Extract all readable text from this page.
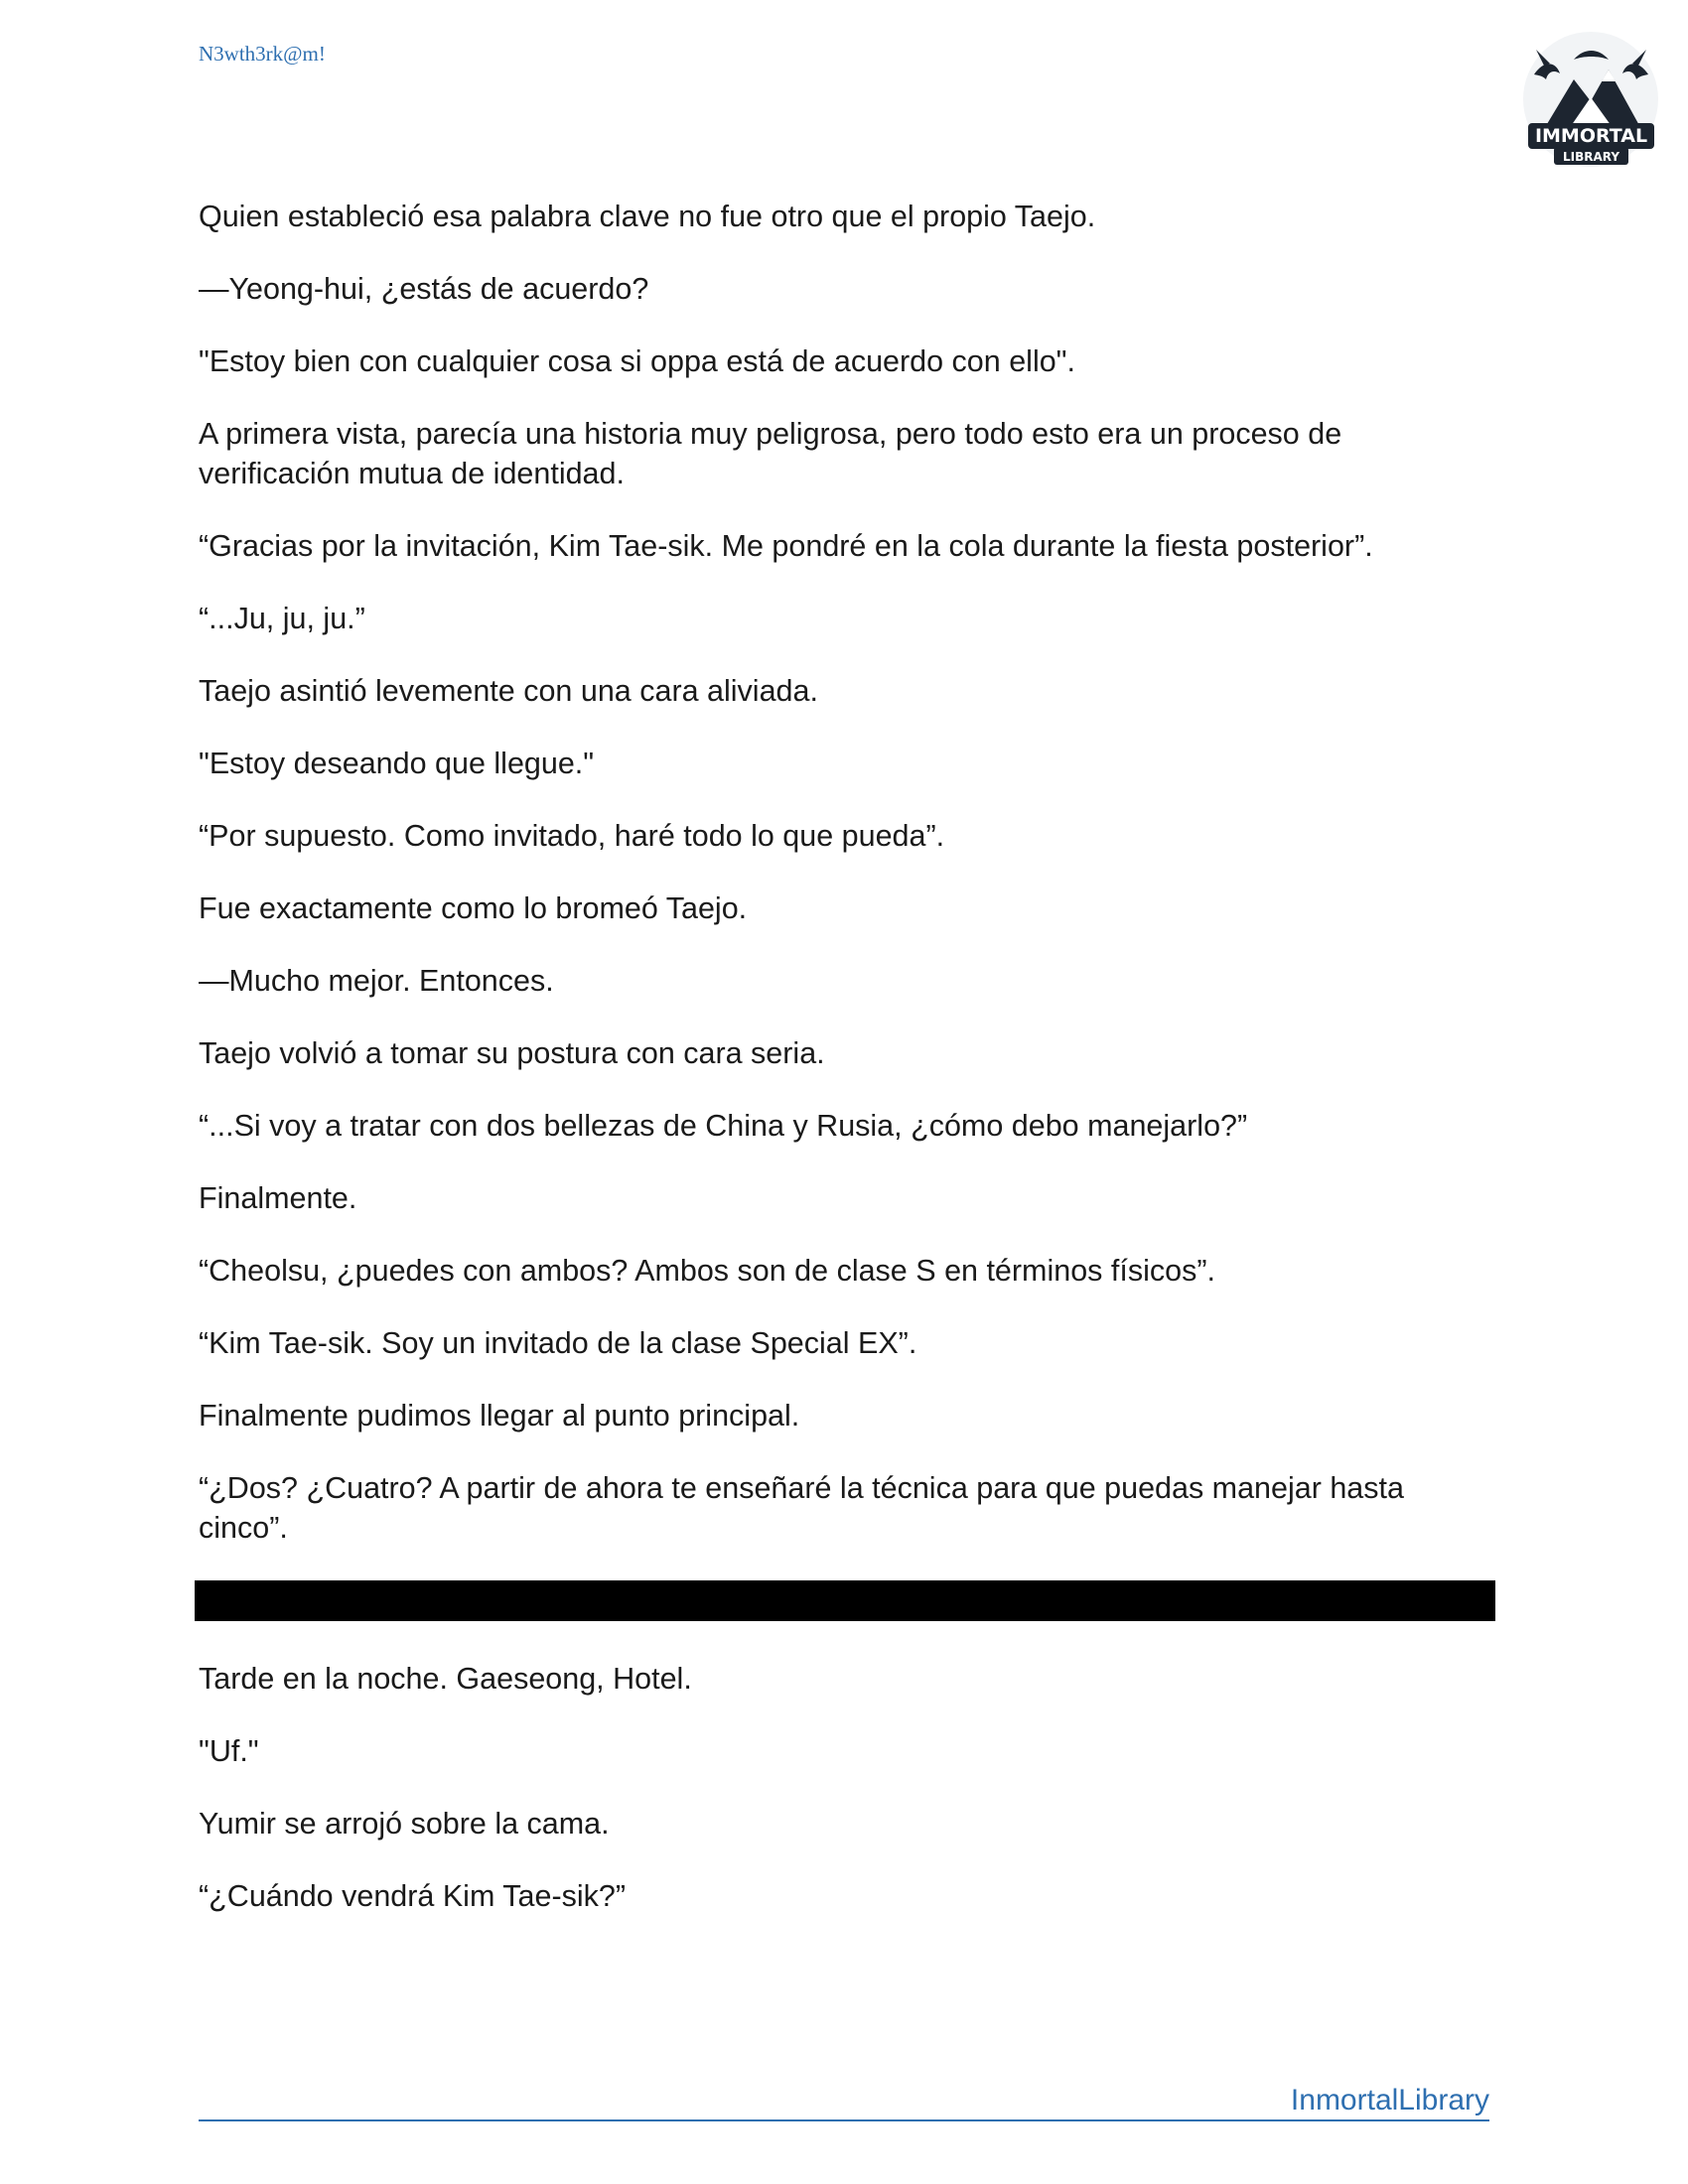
N3wth3rk@m!
IMMORTAL
LIBRARY

Quien estableció esa palabra clave no fue otro que el propio Taejo.

—Yeong-hui, ¿estás de acuerdo?

"Estoy bien con cualquier cosa si oppa está de acuerdo con ello".

A primera vista, parecía una historia muy peligrosa, pero todo esto era un proceso de verificación mutua de identidad.

“Gracias por la invitación, Kim Tae-sik. Me pondré en la cola durante la fiesta posterior”.

“...Ju, ju, ju.”

Taejo asintió levemente con una cara aliviada.

"Estoy deseando que llegue."

“Por supuesto. Como invitado, haré todo lo que pueda”.

Fue exactamente como lo bromeó Taejo.

—Mucho mejor. Entonces.

Taejo volvió a tomar su postura con cara seria.

“...Si voy a tratar con dos bellezas de China y Rusia, ¿cómo debo manejarlo?”

Finalmente.

“Cheolsu, ¿puedes con ambos? Ambos son de clase S en términos físicos”.

“Kim Tae-sik. Soy un invitado de la clase Special EX”.

Finalmente pudimos llegar al punto principal.

“¿Dos? ¿Cuatro? A partir de ahora te enseñaré la técnica para que puedas manejar hasta cinco”.

Tarde en la noche. Gaeseong, Hotel.

"Uf."

Yumir se arrojó sobre la cama.

“¿Cuándo vendrá Kim Tae-sik?”

InmortalLibrary
